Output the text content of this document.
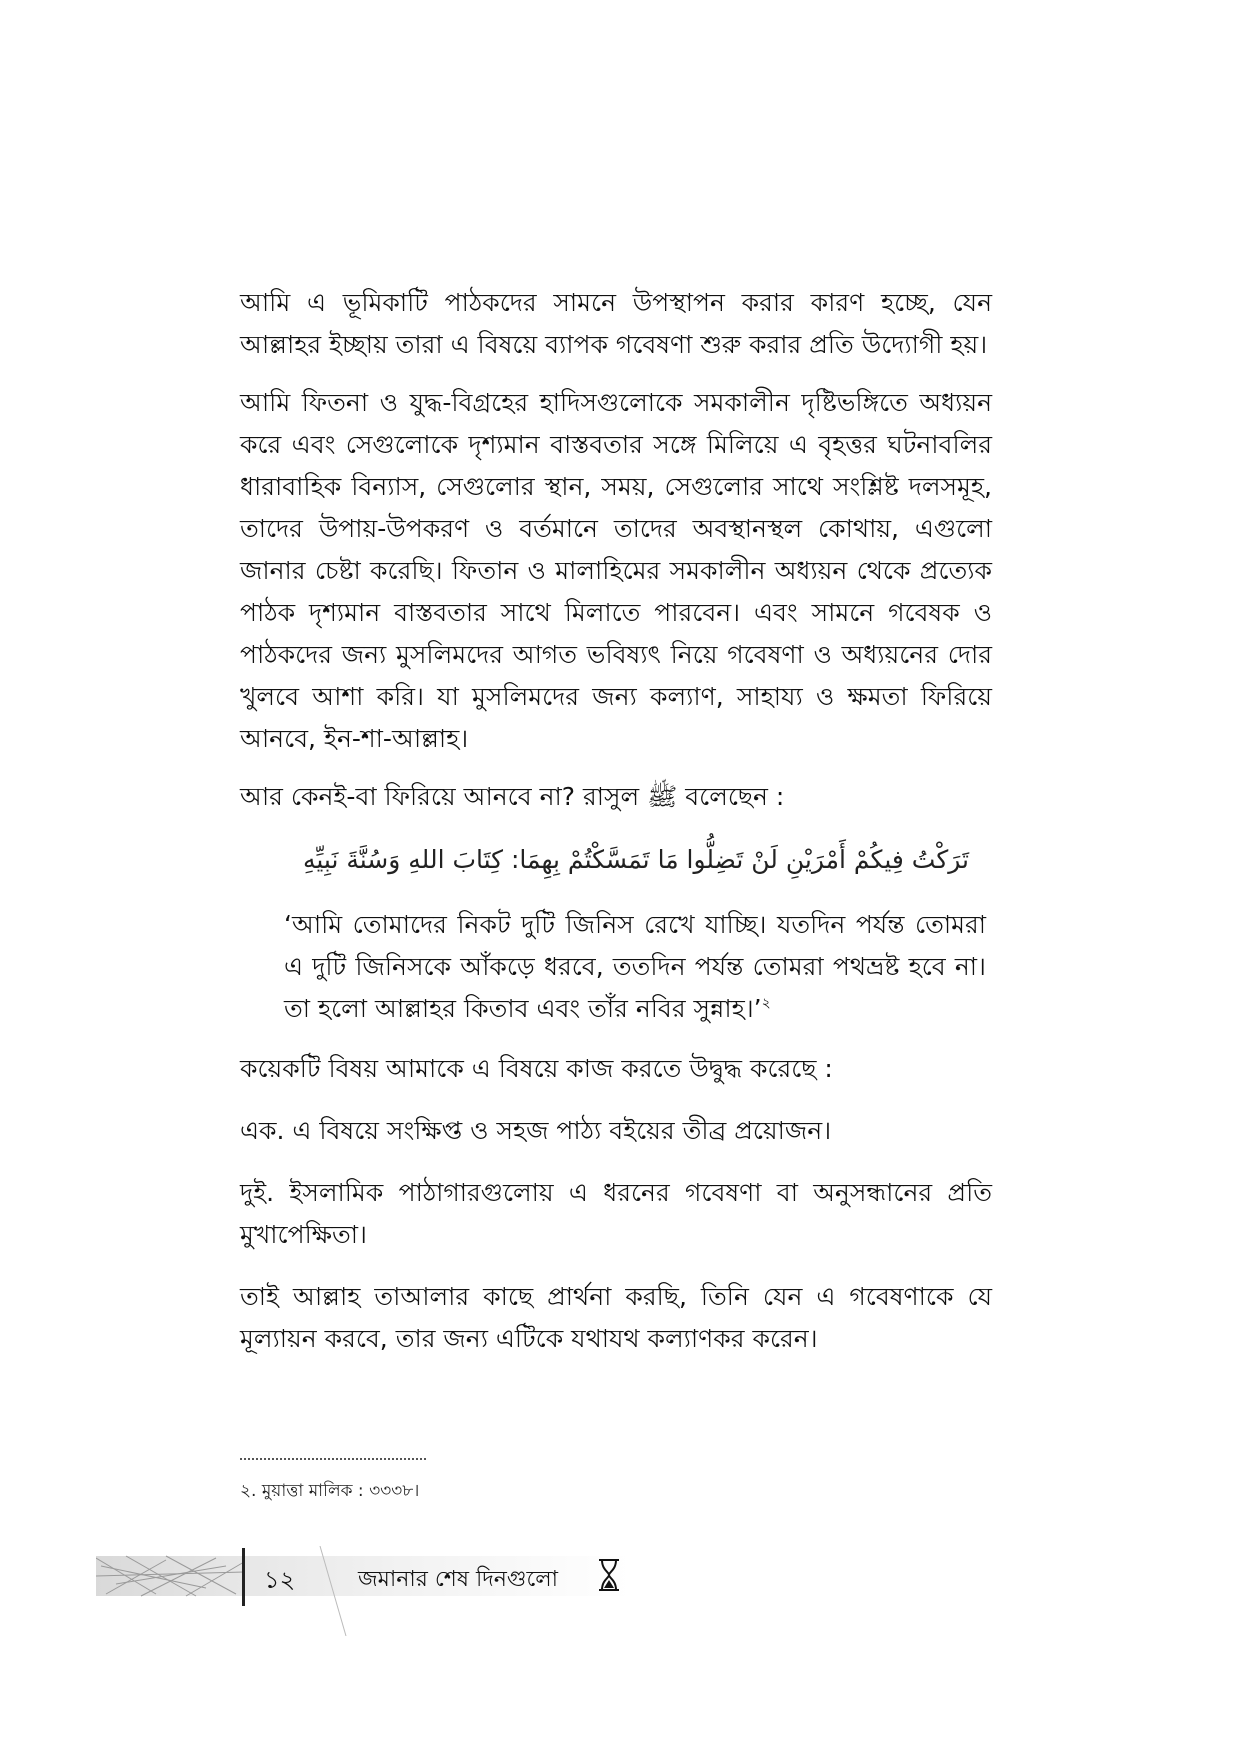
আমি এ ভূমিকাটি পাঠকদের সামনে উপস্থাপন করার কারণ হচ্ছে, যেন আল্লাহর ইচ্ছায় তারা এ বিষয়ে ব্যাপক গবেষণা শুরু করার প্রতি উদ্যোগী হয়।

আমি ফিতনা ও যুদ্ধ-বিগ্রহের হাদিসগুলোকে সমকালীন দৃষ্টিভঙ্গিতে অধ্যয়ন করে এবং সেগুলোকে দৃশ্যমান বাস্তবতার সঙ্গে মিলিয়ে এ বৃহত্তর ঘটনাবলির ধারাবাহিক বিন্যাস, সেগুলোর স্থান, সময়, সেগুলোর সাথে সংশ্লিষ্ট দলসমূহ, তাদের উপায়-উপকরণ ও বর্তমানে তাদের অবস্থানস্থল কোথায়, এগুলো জানার চেষ্টা করেছি। ফিতান ও মালাহিমের সমকালীন অধ্যয়ন থেকে প্রত্যেক পাঠক দৃশ্যমান বাস্তবতার সাথে মিলাতে পারবেন। এবং সামনে গবেষক ও পাঠকদের জন্য মুসলিমদের আগত ভবিষ্যৎ নিয়ে গবেষণা ও অধ্যয়নের দোর খুলবে আশা করি। যা মুসলিমদের জন্য কল্যাণ, সাহায্য ও ক্ষমতা ফিরিয়ে আনবে, ইন-শা-আল্লাহ।

আর কেনই-বা ফিরিয়ে আনবে না? রাসুল ﷺ বলেছেন :

تَرَكْتُ فِيكُمْ أَمْرَيْنِ لَنْ تَضِلُّوا مَا تَمَسَّكْتُمْ بِهِمَا: كِتَابَ اللهِ وَسُنَّةَ نَبِيِّهِ

‘আমি তোমাদের নিকট দুটি জিনিস রেখে যাচ্ছি। যতদিন পর্যন্ত তোমরা এ দুটি জিনিসকে আঁকড়ে ধরবে, ততদিন পর্যন্ত তোমরা পথভ্রষ্ট হবে না। তা হলো আল্লাহর কিতাব এবং তাঁর নবির সুন্নাহ।’$^২$

কয়েকটি বিষয় আমাকে এ বিষয়ে কাজ করতে উদ্বুদ্ধ করেছে :

এক. এ বিষয়ে সংক্ষিপ্ত ও সহজ পাঠ্য বইয়ের তীব্র প্রয়োজন।

দুই. ইসলামিক পাঠাগারগুলোয় এ ধরনের গবেষণা বা অনুসন্ধানের প্রতি মুখাপেক্ষিতা।

তাই আল্লাহ তাআলার কাছে প্রার্থনা করছি, তিনি যেন এ গবেষণাকে যে মূল্যায়ন করবে, তার জন্য এটিকে যথাযথ কল্যাণকর করেন।

২. মুয়াত্তা মালিক : ৩৩৩৮।
১২	জমানার শেষ দিনগুলো
